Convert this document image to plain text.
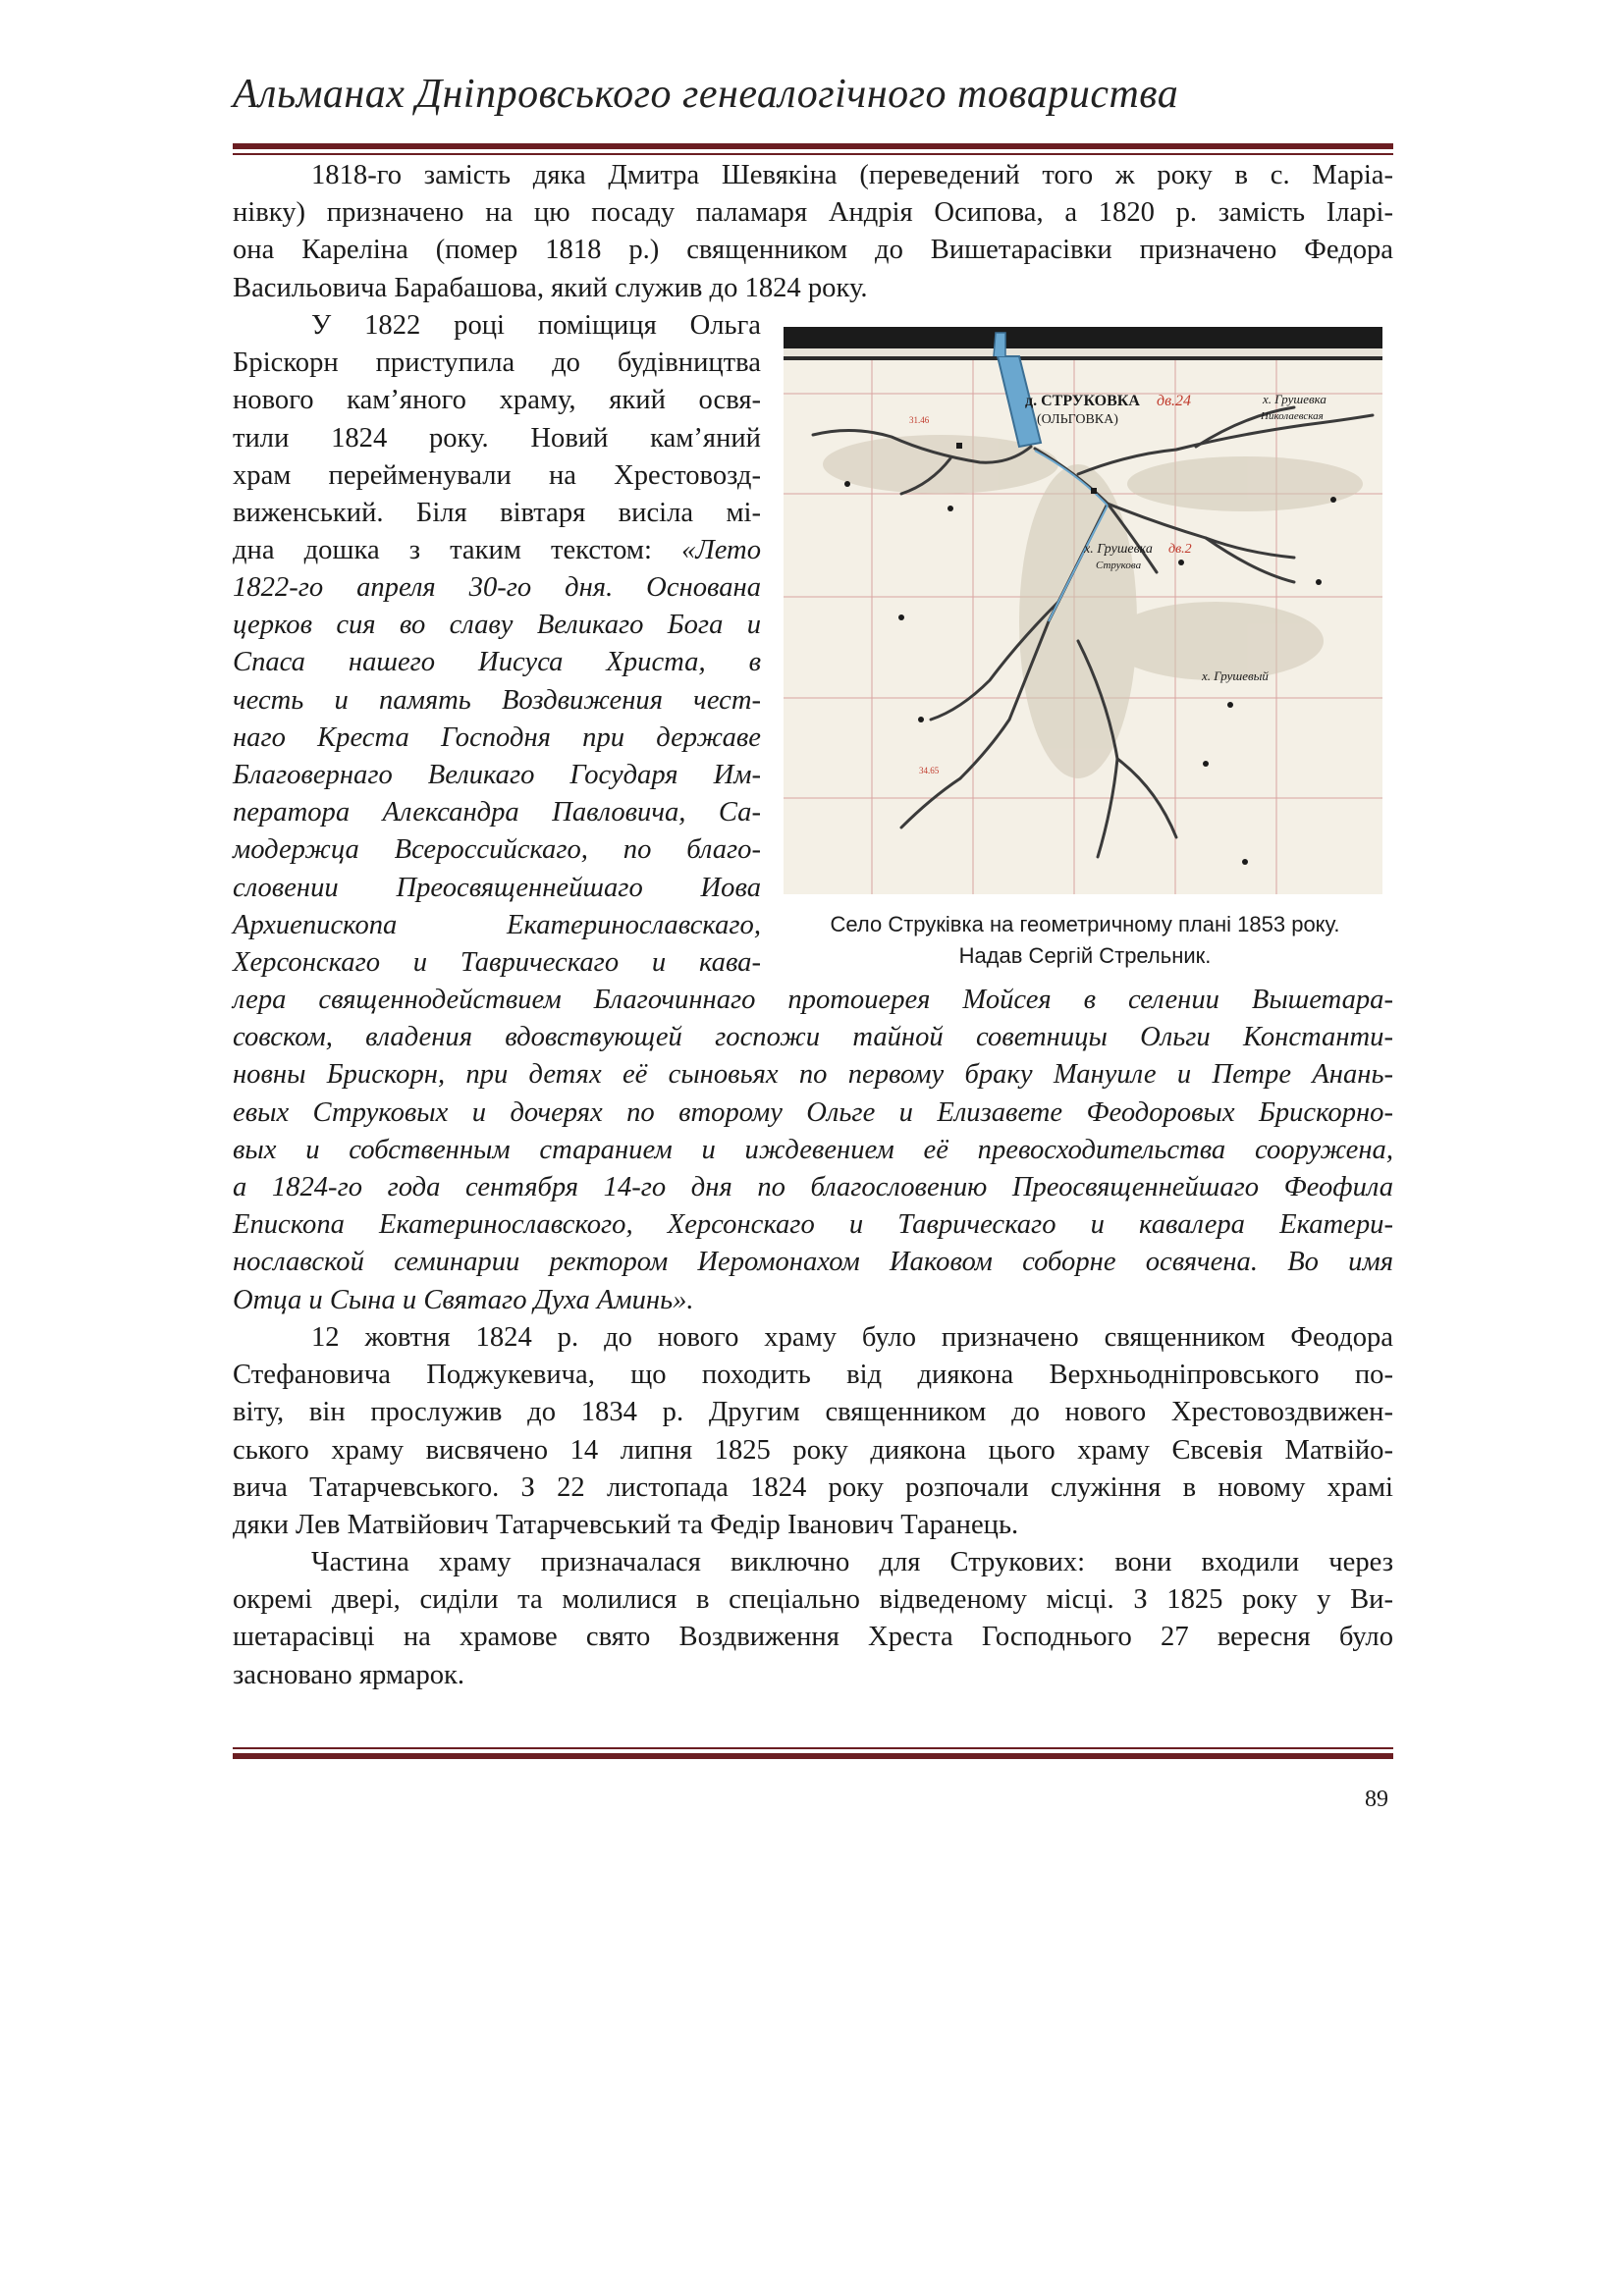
Альманах Дніпровського генеалогічного товариства
1818-го замість дяка Дмитра Шевякіна (переведений того ж року в с. Маріа-
нівку) призначено на цю посаду паламаря Андрія Осипова, а 1820 р. замість Іларі-
она Кареліна (помер 1818 р.) священником до Вишетарасівки призначено Федора
Васильовича Барабашова, який служив до 1824 року.
У 1822 році поміщиця Ольга
Бріскорн приступила до будівництва
нового кам’яного храму, який освя-
тили 1824 року. Новий кам’яний
храм перейменували на Хрестовозд-
виженський. Біля вівтаря висіла мі-
дна дошка з таким текстом: «Лето
1822-го апреля 30-го дня. Основана
церков сия во славу Великаго Бога и
Спаса нашего Иисуса Христа, в
честь и память Воздвижения чест-
наго Креста Господня при державе
Благовернаго Великаго Государя Им-
ператора Александра Павловича, Са-
модержца Всероссийскаго, по благо-
словении Преосвященнейшаго Иова
Архиепископа Екатеринославскаго,
Херсонскаго и Таврическаго и кава-
д. СТРУКОВКА дв.24
(ОЛЬГОВКА)
х. Грушевка
Николаевская
х. Грушевка дв.2
Струкова
х. Грушевый
31.46
34.65
Село Струківка на геометричному плані 1853 року.
Надав Сергій Стрельник.
лера священнодействием Благочиннаго протоиерея Мойсея в селении Вышетара-
совском, владения вдовствующей госпожи тайной советницы Ольги Константи-
новны Брискорн, при детях её сыновьях по первому браку Мануиле и Петре Анань-
евых Струковых и дочерях по второму Ольге и Елизавете Феодоровых Брискорно-
вых и собственным старанием и иждевением её превосходительства сооружена,
а 1824-го года сентября 14-го дня по благословению Преосвященнейшаго Феофила
Епископа Екатеринославского, Херсонскаго и Таврическаго и кавалера Екатери-
нославской семинарии ректором Иеромонахом Иаковом соборне освячена. Во имя
Отца и Сына и Святаго Духа Аминь».
12 жовтня 1824 р. до нового храму було призначено священником Феодора
Стефановича Поджукевича, що походить від диякона Верхньодніпровського по-
віту, він прослужив до 1834 р. Другим священником до нового Хрестовоздвижен-
ського храму висвячено 14 липня 1825 року диякона цього храму Євсевія Матвійо-
вича Татарчевського. З 22 листопада 1824 року розпочали служіння в новому храмі
дяки Лев Матвійович Татарчевський та Федір Іванович Таранець.
Частина храму призначалася виключно для Струкових: вони входили через
окремі двері, сиділи та молилися в спеціально відведеному місці. З 1825 року у Ви-
шетарасівці на храмове свято Воздвиження Хреста Господнього 27 вересня було
засновано ярмарок.
89
